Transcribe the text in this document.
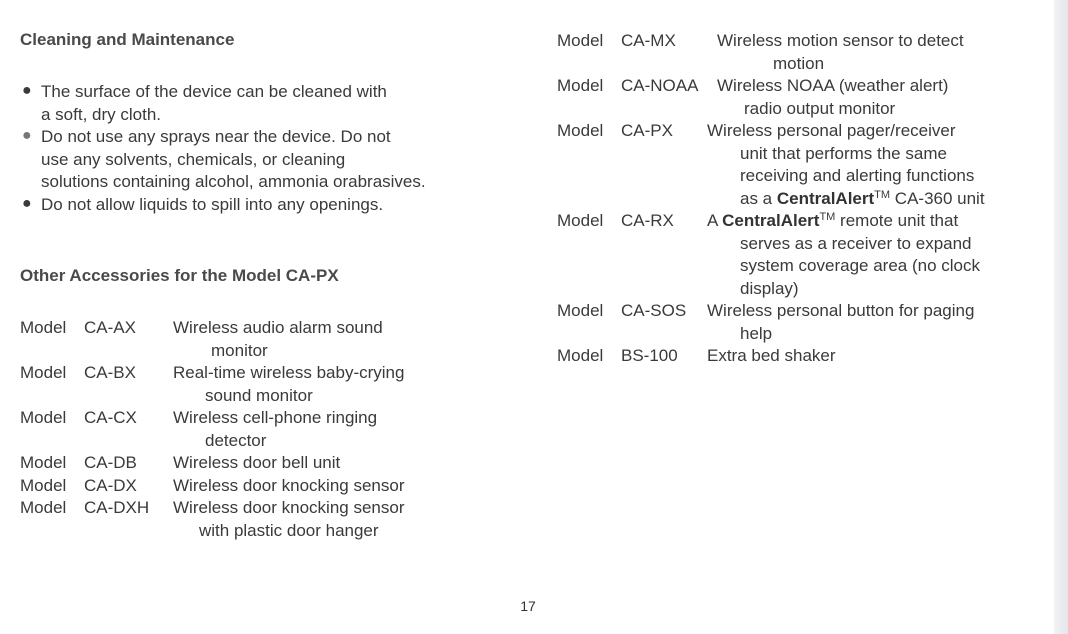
Cleaning and Maintenance
● The surface of the device can be cleaned with
a soft, dry cloth.
● Do not use any sprays near the device. Do not
use any solvents, chemicals, or cleaning
solutions containing alcohol, ammonia orabrasives.
● Do not allow liquids to spill into any openings.
Other Accessories for the Model CA-PX
Model	CA-AX	Wireless audio alarm sound
monitor
Model	CA-BX	Real-time wireless baby-crying
sound monitor
Model	CA-CX	Wireless cell-phone ringing
detector
Model	CA-DB	Wireless door bell unit
Model	CA-DX	Wireless door knocking sensor
Model	CA-DXH	Wireless door knocking sensor
with plastic door hanger
Model	CA-MX	Wireless motion sensor to detect
motion
Model	CA-NOAA	Wireless NOAA (weather alert)
radio output monitor
Model	CA-PX	Wireless personal pager/receiver
unit that performs the same
receiving and alerting functions
as a CentralAlert™ CA-360 unit
Model	CA-RX	A CentralAlert™ remote unit that
serves as a receiver to expand
system coverage area (no clock
display)
Model	CA-SOS	Wireless personal button for paging
help
Model	BS-100	Extra bed shaker
17
